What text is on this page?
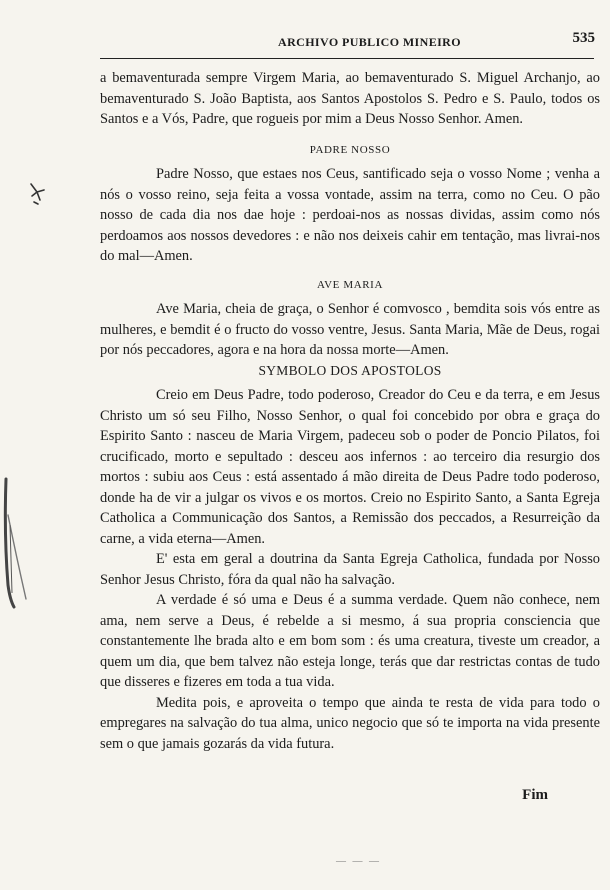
ARCHIVO PUBLICO MINEIRO	535

a bemaventurada sempre Virgem Maria, ao bemaventurado S. Miguel Archanjo, ao bemaventurado S. João Baptista, aos Santos Apostolos S. Pedro e S. Paulo, todos os Santos e a Vós, Padre, que rogueis por mim a Deus Nosso Senhor. Amen.

PADRE NOSSO

Padre Nosso, que estaes nos Ceus, santificado seja o vosso Nome ; venha a nós o vosso reino, seja feita a vossa vontade, assim na terra, como no Ceu. O pão nosso de cada dia nos dae hoje : perdoai-nos as nossas dividas, assim como nós perdoamos aos nossos devedores : e não nos deixeis cahir em tentação, mas livrai-nos do mal—Amen.

AVE MARIA

Ave Maria, cheia de graça, o Senhor é comvosco , bemdita sois vós entre as mulheres, e bemdit é o fructo do vosso ventre, Jesus. Santa Maria, Mãe de Deus, rogai por nós peccadores, agora e na hora da nossa morte—Amen.

SYMBOLO DOS APOSTOLOS

Creio em Deus Padre, todo poderoso, Creador do Ceu e da terra, e em Jesus Christo um só seu Filho, Nosso Senhor, o qual foi concebido por obra e graça do Espirito Santo : nasceu de Maria Virgem, padeceu sob o poder de Poncio Pilatos, foi crucificado, morto e sepultado : desceu aos infernos : ao terceiro dia resurgio dos mortos : subiu aos Ceus : está assentado á mão direita de Deus Padre todo poderoso, donde ha de vir a julgar os vivos e os mortos. Creio no Espirito Santo, a Santa Egreja Catholica a Communicação dos Santos, a Remissão dos peccados, a Resurreição da carne, a vida eterna—Amen.

E' esta em geral a doutrina da Santa Egreja Catholica, fundada por Nosso Senhor Jesus Christo, fóra da qual não ha salvação.

A verdade é só uma e Deus é a summa verdade. Quem não conhece, nem ama, nem serve a Deus, é rebelde a si mesmo, á sua propria consciencia que constantemente lhe brada alto e em bom som : és uma creatura, tiveste um creador, a quem um dia, que bem talvez não esteja longe, terás que dar restrictas contas de tudo que disseres e fizeres em toda a tua vida.

Medita pois, e aproveita o tempo que ainda te resta de vida para todo o empregares na salvação do tua alma, unico negocio que só te importa na vida presente sem o que jamais gozarás da vida futura.

Fim
— — —
